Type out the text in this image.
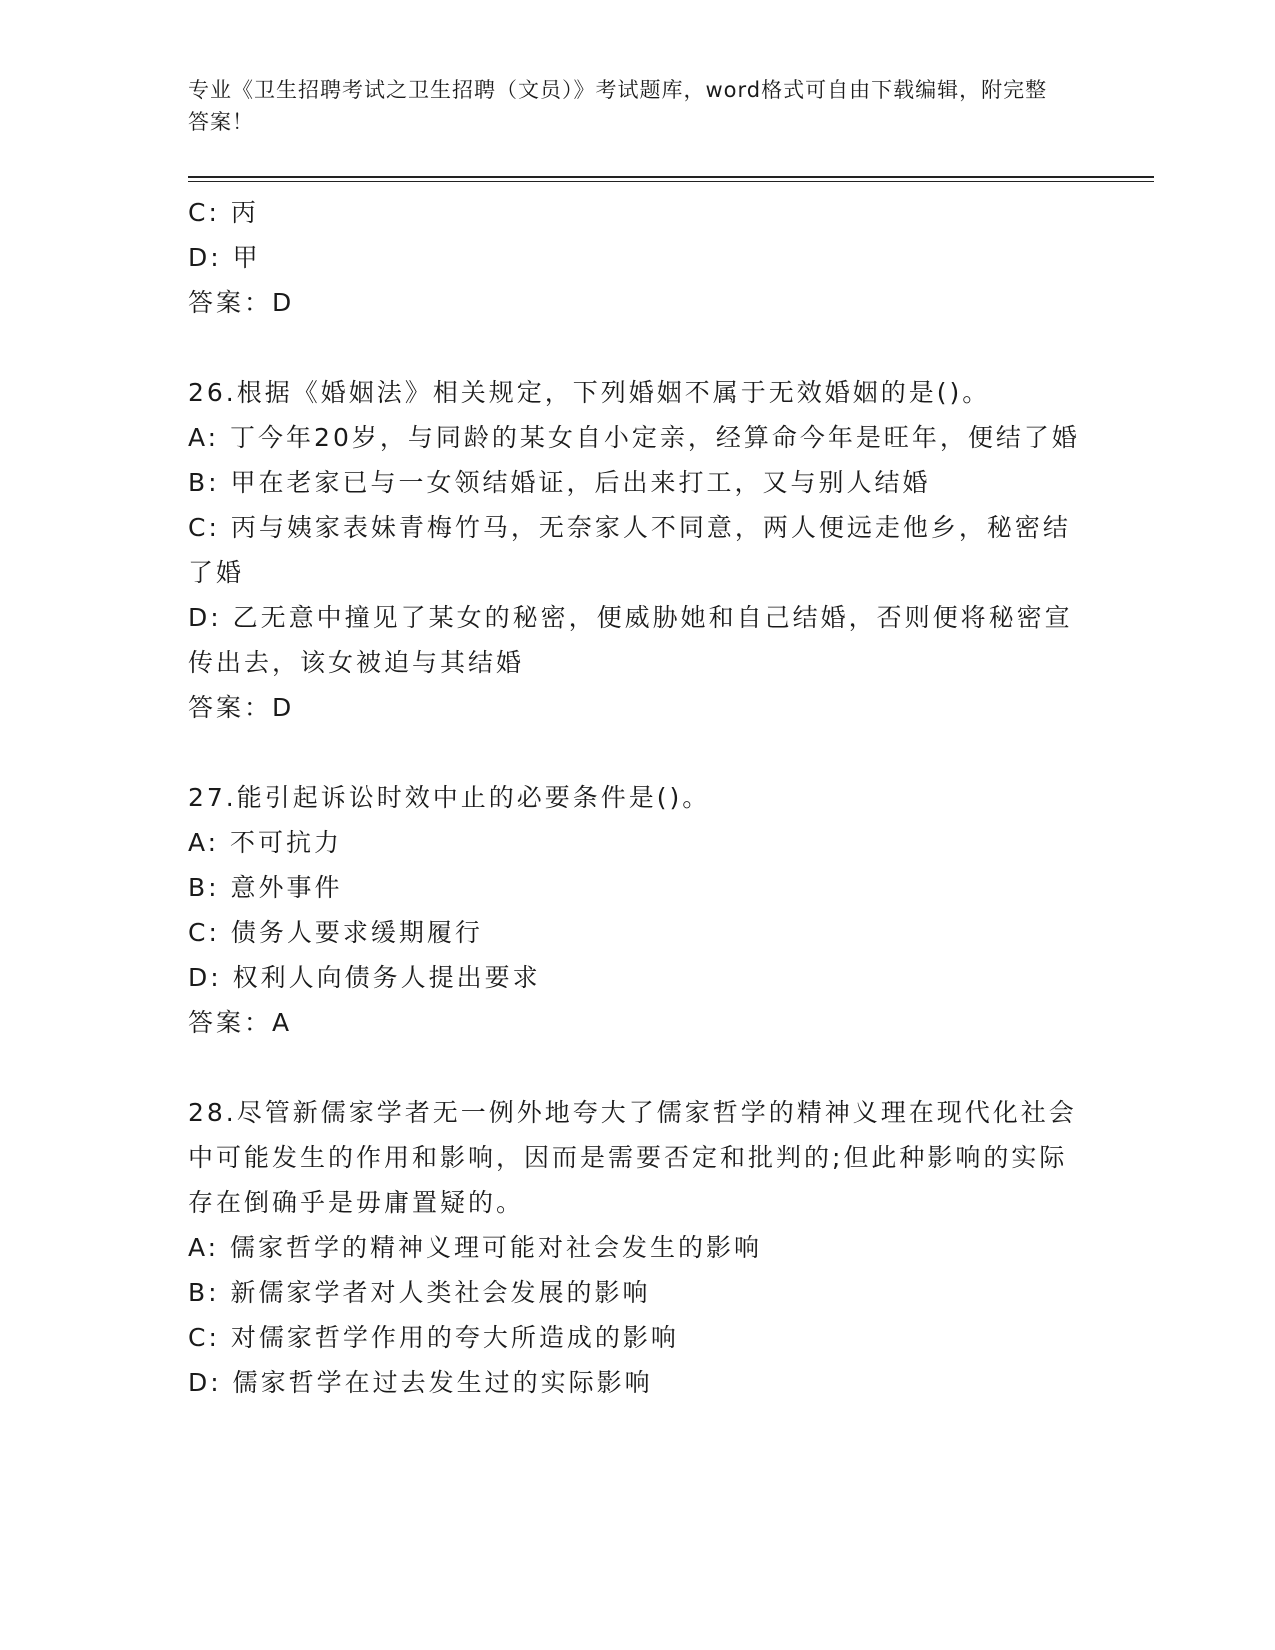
专业《卫生招聘考试之卫生招聘（文员）》考试题库，word格式可自由下载编辑，附完整答案！

C: 丙

D: 甲

答案：D

26.根据《婚姻法》相关规定，下列婚姻不属于无效婚姻的是()。

A: 丁今年20岁，与同龄的某女自小定亲，经算命今年是旺年，便结了婚

B: 甲在老家已与一女领结婚证，后出来打工，又与别人结婚

C: 丙与姨家表妹青梅竹马，无奈家人不同意，两人便远走他乡，秘密结了婚

D: 乙无意中撞见了某女的秘密，便威胁她和自己结婚，否则便将秘密宣传出去，该女被迫与其结婚

答案：D

27.能引起诉讼时效中止的必要条件是()。

A: 不可抗力

B: 意外事件

C: 债务人要求缓期履行

D: 权利人向债务人提出要求

答案：A

28.尽管新儒家学者无一例外地夸大了儒家哲学的精神义理在现代化社会中可能发生的作用和影响，因而是需要否定和批判的;但此种影响的实际存在倒确乎是毋庸置疑的。

A: 儒家哲学的精神义理可能对社会发生的影响

B: 新儒家学者对人类社会发展的影响

C: 对儒家哲学作用的夸大所造成的影响

D: 儒家哲学在过去发生过的实际影响
